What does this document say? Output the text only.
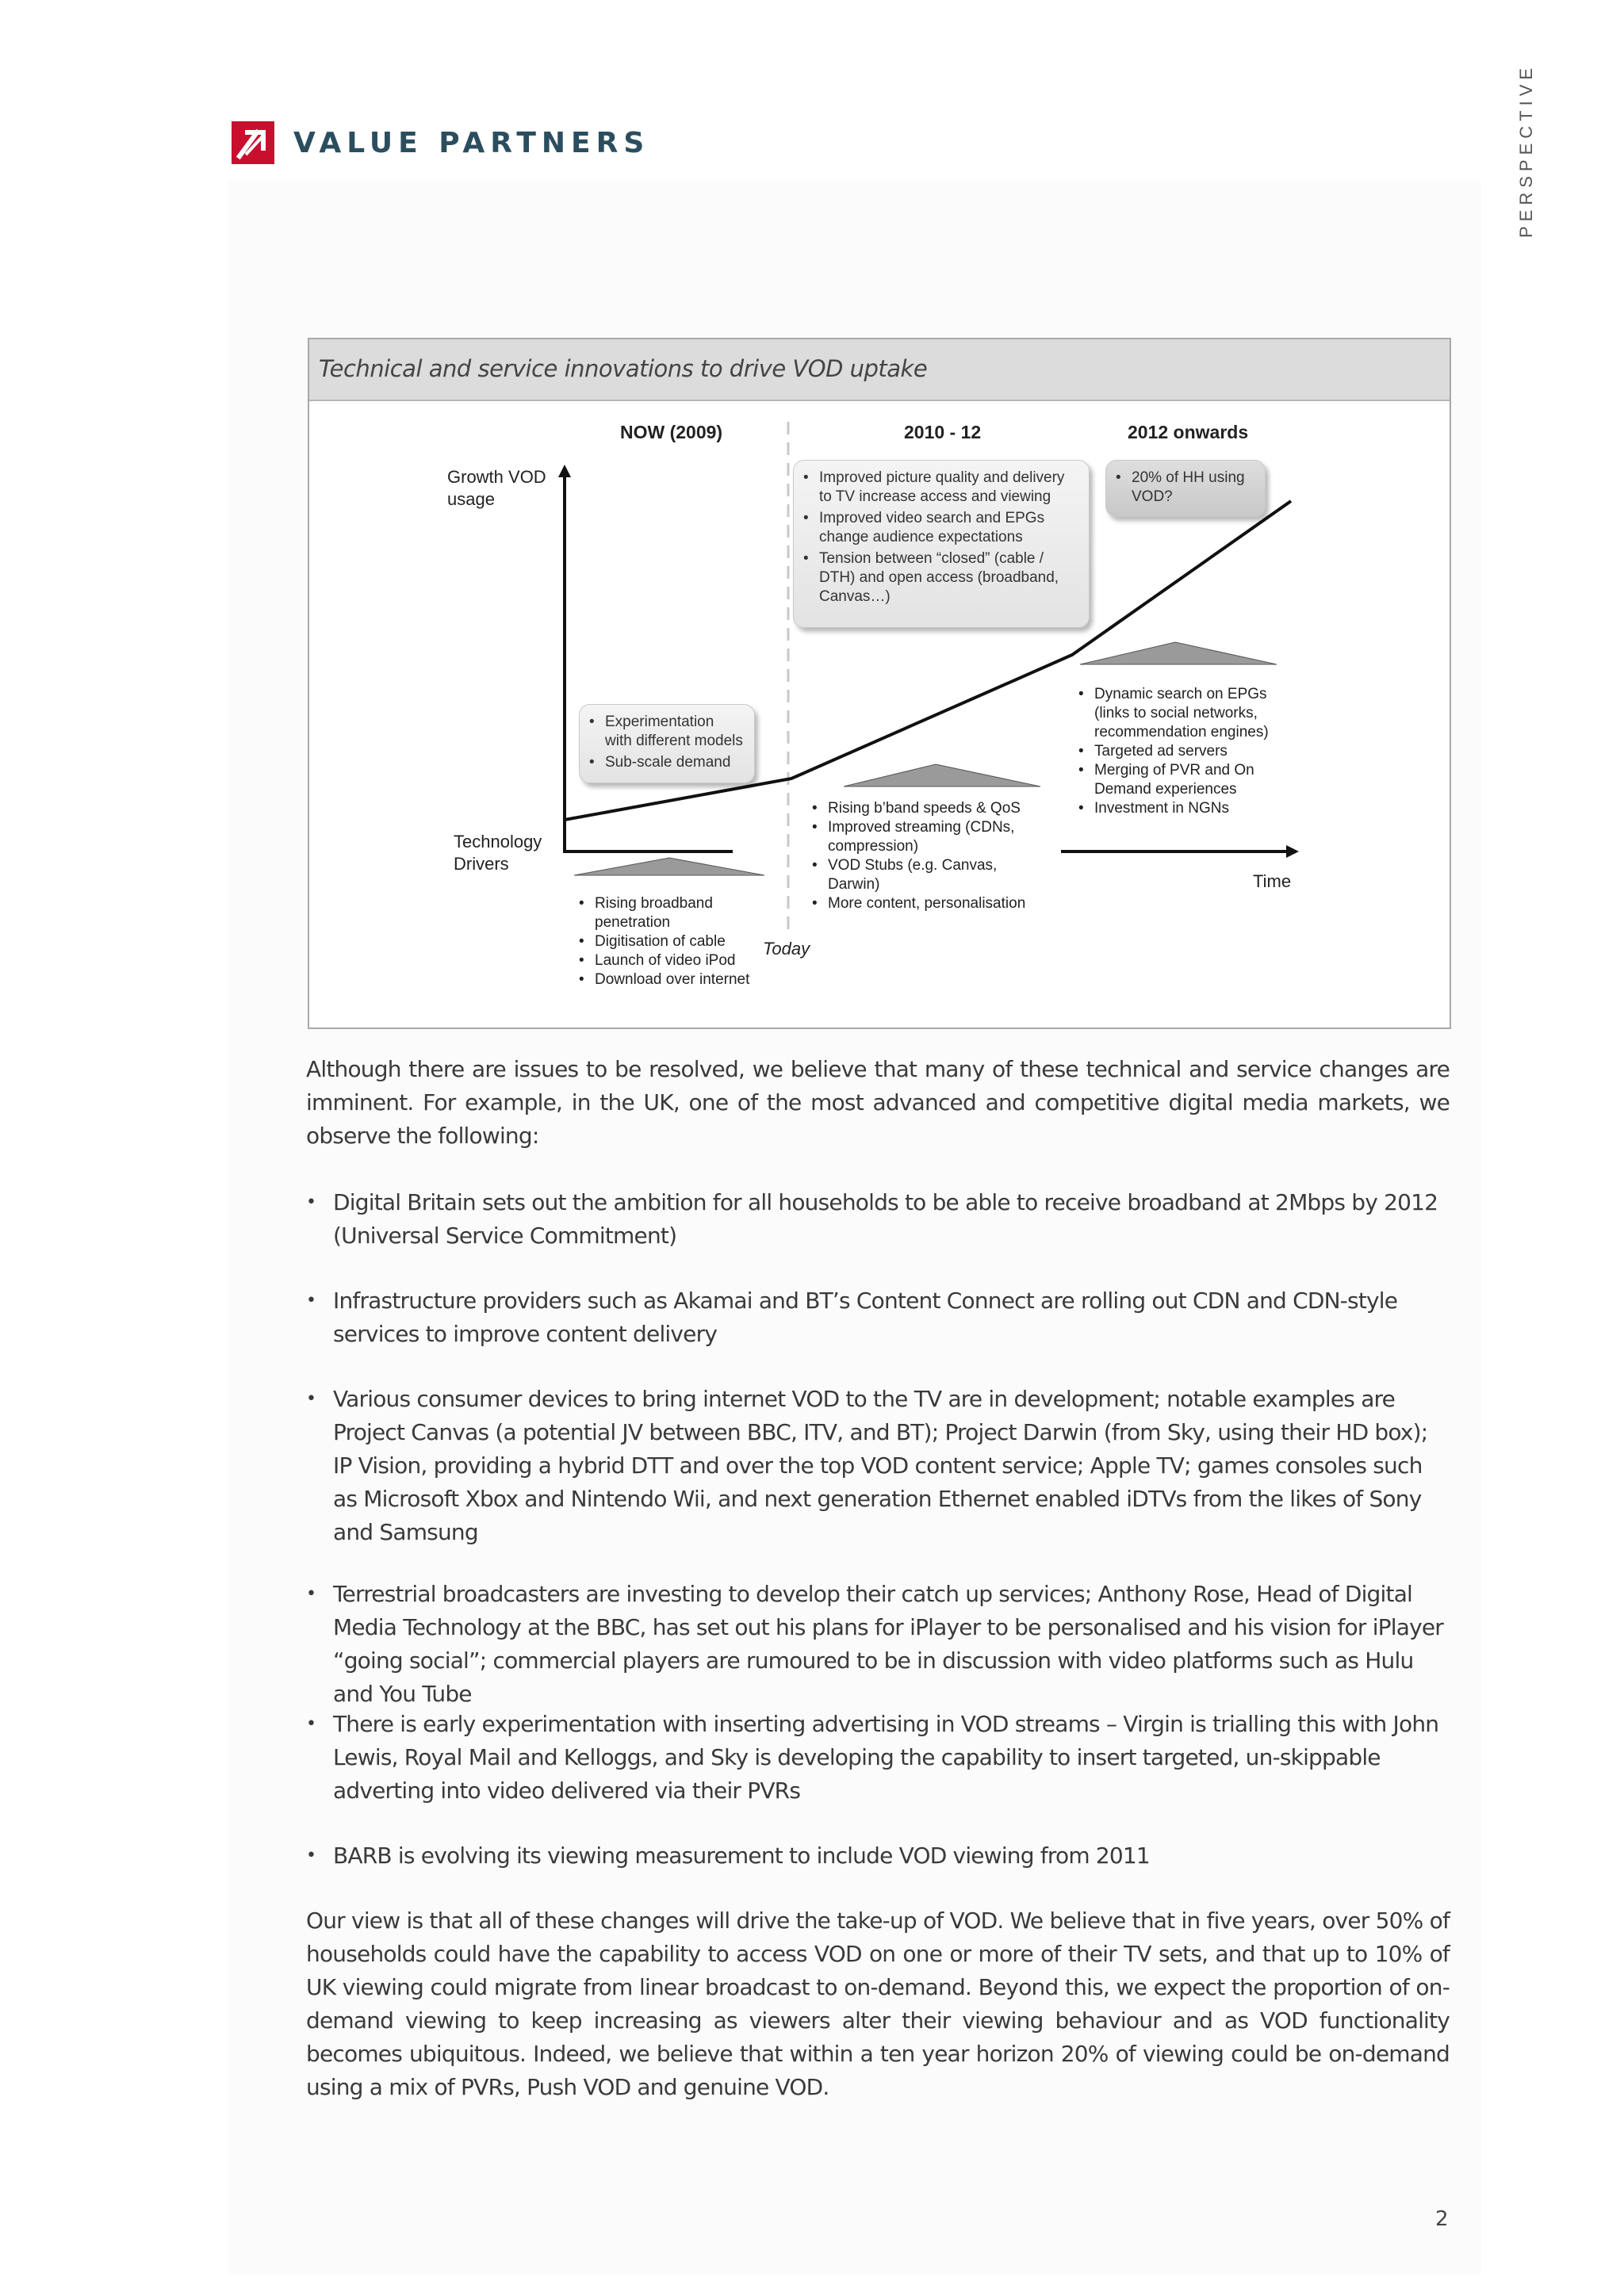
VALUE PARTNERS	PERSPECTIVE
Technical and service innovations to drive VOD uptake
NOW (2009)	2010 - 12	2012 onwards
Growth VOD
usage
Technology
Drivers
Time
Today
• Experimentation with different models
• Sub-scale demand
• Improved picture quality and delivery to TV increase access and viewing
• Improved video search and EPGs change audience expectations
• Tension between “closed” (cable / DTH) and open access (broadband, Canvas…)
• 20% of HH using VOD?
• Rising broadband penetration
• Digitisation of cable
• Launch of video iPod
• Download over internet
• Rising b’band speeds & QoS
• Improved streaming (CDNs, compression)
• VOD Stubs (e.g. Canvas, Darwin)
• More content, personalisation
• Dynamic search on EPGs (links to social networks, recommendation engines)
• Targeted ad servers
• Merging of PVR and On Demand experiences
• Investment in NGNs
Although there are issues to be resolved, we believe that many of these technical and service changes are imminent. For example, in the UK, one of the most advanced and competitive digital media markets, we observe the following:
• Digital Britain sets out the ambition for all households to be able to receive broadband at 2Mbps by 2012 (Universal Service Commitment)
• Infrastructure providers such as Akamai and BT’s Content Connect are rolling out CDN and CDN-style services to improve content delivery
• Various consumer devices to bring internet VOD to the TV are in development; notable examples are Project Canvas (a potential JV between BBC, ITV, and BT); Project Darwin (from Sky, using their HD box); IP Vision, providing a hybrid DTT and over the top VOD content service; Apple TV; games consoles such as Microsoft Xbox and Nintendo Wii, and next generation Ethernet enabled iDTVs from the likes of Sony and Samsung
• Terrestrial broadcasters are investing to develop their catch up services; Anthony Rose, Head of Digital Media Technology at the BBC, has set out his plans for iPlayer to be personalised and his vision for iPlayer “going social”; commercial players are rumoured to be in discussion with video platforms such as Hulu and You Tube
• There is early experimentation with inserting advertising in VOD streams – Virgin is trialling this with John Lewis, Royal Mail and Kelloggs, and Sky is developing the capability to insert targeted, un-skippable adverting into video delivered via their PVRs
• BARB is evolving its viewing measurement to include VOD viewing from 2011
Our view is that all of these changes will drive the take-up of VOD. We believe that in five years, over 50% of households could have the capability to access VOD on one or more of their TV sets, and that up to 10% of UK viewing could migrate from linear broadcast to on-demand. Beyond this, we expect the proportion of on-demand viewing to keep increasing as viewers alter their viewing behaviour and as VOD functionality becomes ubiquitous. Indeed, we believe that within a ten year horizon 20% of viewing could be on-demand using a mix of PVRs, Push VOD and genuine VOD.
2
